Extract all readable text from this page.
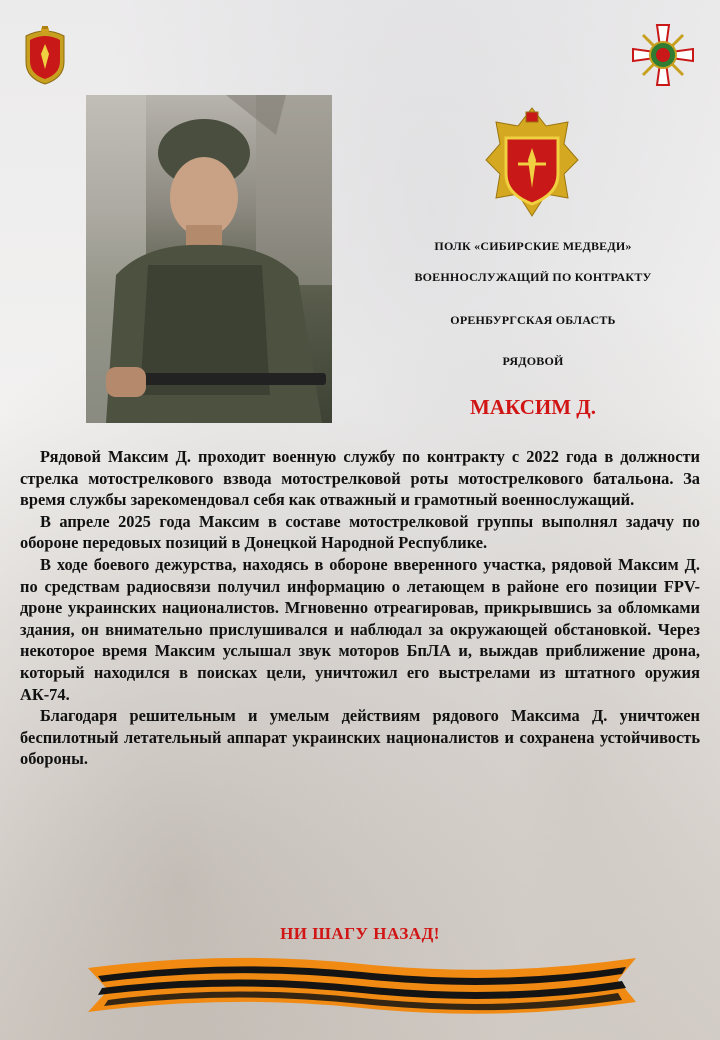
ПОЛК «СИБИРСКИЕ МЕДВЕДИ»
ВОЕННОСЛУЖАЩИЙ ПО КОНТРАКТУ
ОРЕНБУРГСКАЯ ОБЛАСТЬ
РЯДОВОЙ
МАКСИМ Д.

Рядовой Максим Д. проходит военную службу по контракту с 2022 года в должности стрелка мотострелкового взвода мотострелковой роты мотострелкового батальона. За время службы зарекомендовал себя как отважный и грамотный военнослужащий.

В апреле 2025 года Максим в составе мотострелковой группы выполнял задачу по обороне передовых позиций в Донецкой Народной Республике.

В ходе боевого дежурства, находясь в обороне вверенного участка, рядовой Максим Д. по средствам радиосвязи получил информацию о летающем в районе его позиции FPV-дроне украинских националистов. Мгновенно отреагировав, прикрывшись за обломками здания, он внимательно прислушивался и наблюдал за окружающей обстановкой. Через некоторое время Максим услышал звук моторов БпЛА и, выждав приближение дрона, который находился в поисках цели, уничтожил его выстрелами из штатного оружия АК-74.

Благодаря решительным и умелым действиям рядового Максима Д. уничтожен беспилотный летательный аппарат украинских националистов и сохранена устойчивость обороны.

НИ ШАГУ НАЗАД!
